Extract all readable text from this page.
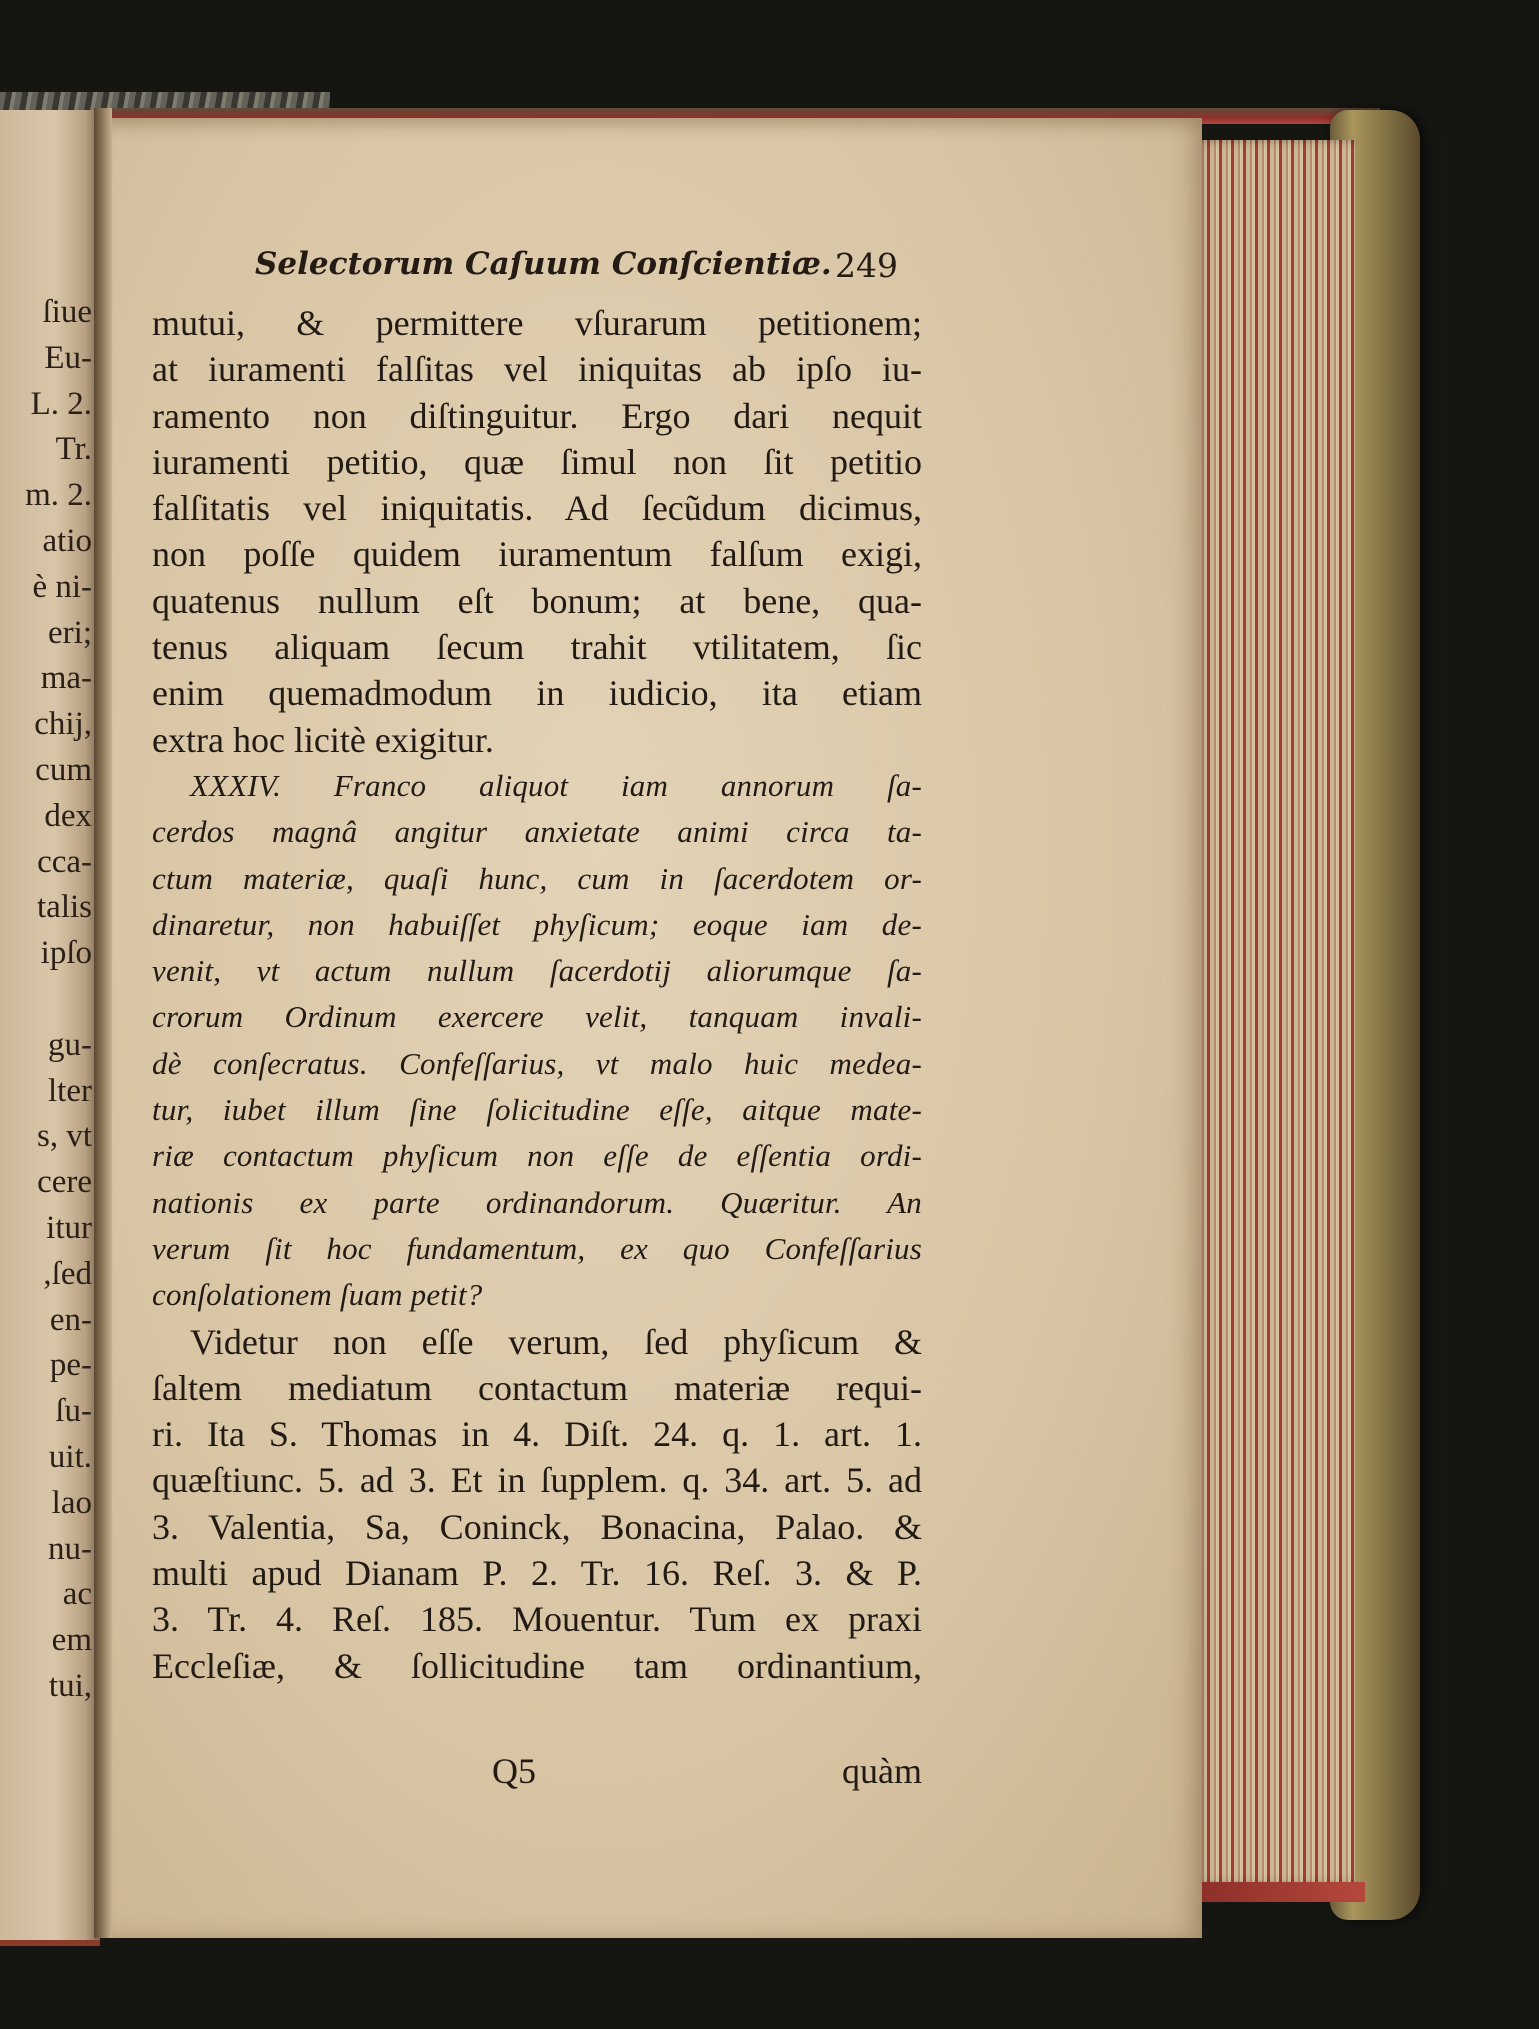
ſiue
Eu-
L. 2.
Tr.
m. 2.
atio
è ni-
eri;
ma-
chij,
cum
dex
cca-
talis
ipſo

gu-
lter
s, vt
cere
itur
,ſed
en-
pe-
ſu-
uit.
lao
nu-
ac
em
tui,
Selectorum Caſuum Conſcientiæ. 249
mutui, & permittere vſurarum petitionem;
at iuramenti falſitas vel iniquitas ab ipſo iu-
ramento non diſtinguitur. Ergo dari nequit
iuramenti petitio, quæ ſimul non ſit petitio
falſitatis vel iniquitatis. Ad ſecũdum dicimus,
non poſſe quidem iuramentum falſum exigi,
quatenus nullum eſt bonum; at bene, qua-
tenus aliquam ſecum trahit vtilitatem, ſic
enim quemadmodum in iudicio, ita etiam
extra hoc licitè exigitur.
XXXIV. Franco aliquot iam annorum ſa-
cerdos magnâ angitur anxietate animi circa ta-
ctum materiæ, quaſi hunc, cum in ſacerdotem or-
dinaretur, non habuiſſet phyſicum; eoque iam de-
venit, vt actum nullum ſacerdotij aliorumque ſa-
crorum Ordinum exercere velit, tanquam invali-
dè conſecratus. Confeſſarius, vt malo huic medea-
tur, iubet illum ſine ſolicitudine eſſe, aitque mate-
riæ contactum phyſicum non eſſe de eſſentia ordi-
nationis ex parte ordinandorum. Quæritur. An
verum ſit hoc fundamentum, ex quo Confeſſarius
conſolationem ſuam petit?
Videtur non eſſe verum, ſed phyſicum &
ſaltem mediatum contactum materiæ requi-
ri. Ita S. Thomas in 4. Diſt. 24. q. 1. art. 1.
quæſtiunc. 5. ad 3. Et in ſupplem. q. 34. art. 5. ad
3. Valentia, Sa, Coninck, Bonacina, Palao. &
multi apud Dianam P. 2. Tr. 16. Reſ. 3. & P.
3. Tr. 4. Reſ. 185. Mouentur. Tum ex praxi
Eccleſiæ, & ſollicitudine tam ordinantium,
Q5	quàm
